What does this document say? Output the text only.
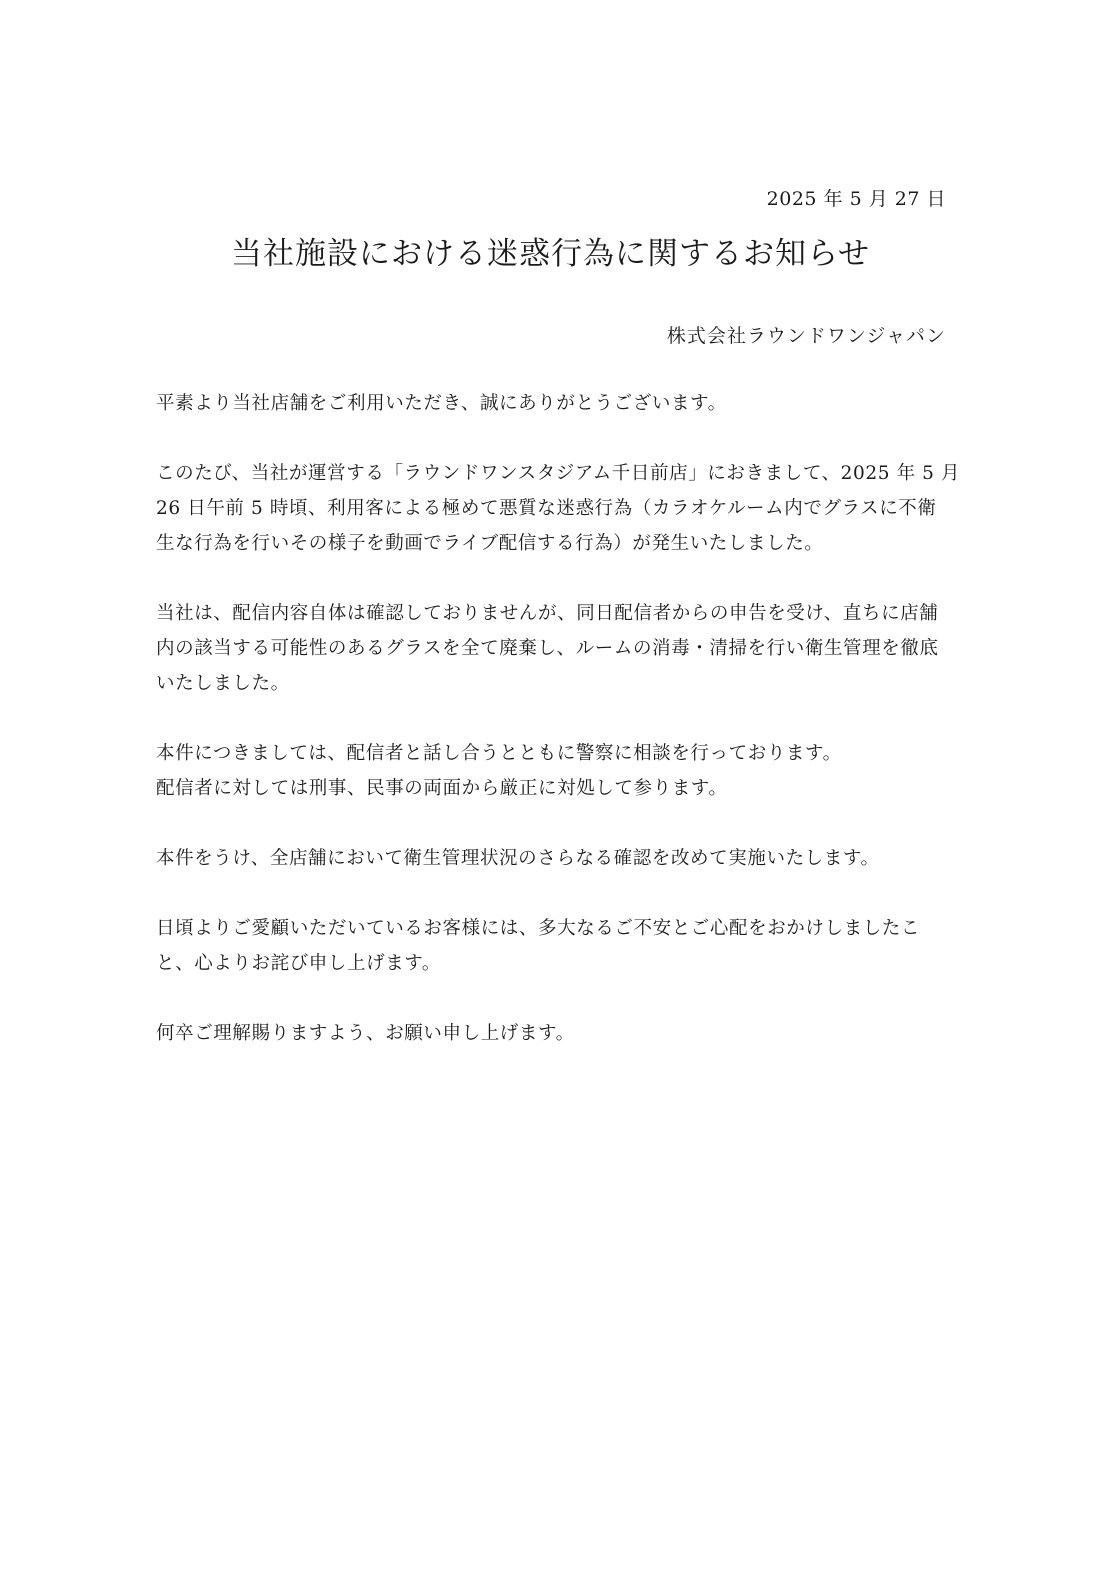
2025 年 5 月 27 日
当社施設における迷惑行為に関するお知らせ
株式会社ラウンドワンジャパン

平素より当社店舗をご利用いただき、誠にありがとうございます。

このたび、当社が運営する「ラウンドワンスタジアム千日前店」におきまして、2025 年 5 月
26 日午前 5 時頃、利用客による極めて悪質な迷惑行為（カラオケルーム内でグラスに不衛
生な行為を行いその様子を動画でライブ配信する行為）が発生いたしました。

当社は、配信内容自体は確認しておりませんが、同日配信者からの申告を受け、直ちに店舗
内の該当する可能性のあるグラスを全て廃棄し、ルームの消毒・清掃を行い衛生管理を徹底
いたしました。

本件につきましては、配信者と話し合うとともに警察に相談を行っております。
配信者に対しては刑事、民事の両面から厳正に対処して参ります。

本件をうけ、全店舗において衛生管理状況のさらなる確認を改めて実施いたします。

日頃よりご愛顧いただいているお客様には、多大なるご不安とご心配をおかけしましたこ
と、心よりお詫び申し上げます。

何卒ご理解賜りますよう、お願い申し上げます。
